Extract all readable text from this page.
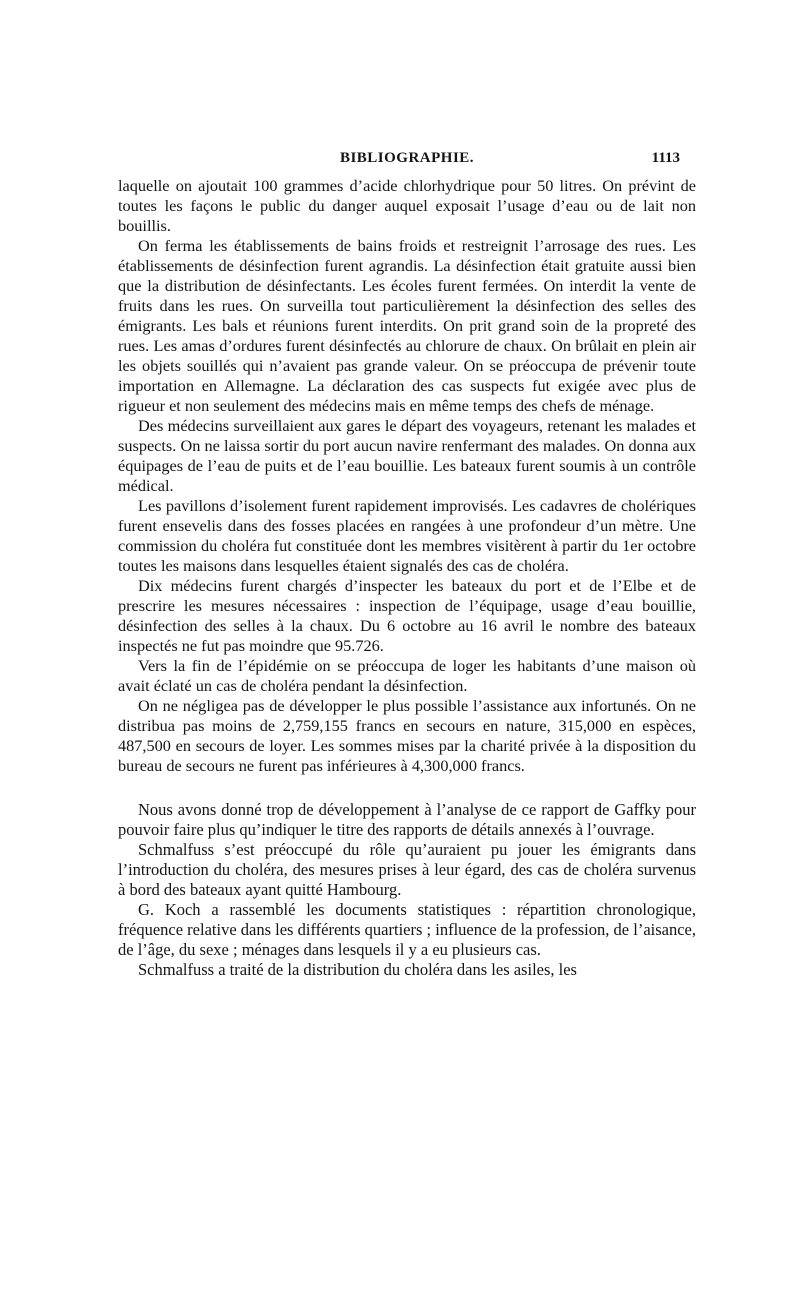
BIBLIOGRAPHIE.	1113

laquelle on ajoutait 100 grammes d’acide chlorhydrique pour 50 litres. On prévint de toutes les façons le public du danger auquel exposait l’usage d’eau ou de lait non bouillis.

On ferma les établissements de bains froids et restreignit l’arrosage des rues. Les établissements de désinfection furent agrandis. La désinfection était gratuite aussi bien que la distribution de désinfectants. Les écoles furent fermées. On interdit la vente de fruits dans les rues. On surveilla tout particulièrement la désinfection des selles des émigrants. Les bals et réunions furent interdits. On prit grand soin de la propreté des rues. Les amas d’ordures furent désinfectés au chlorure de chaux. On brûlait en plein air les objets souillés qui n’avaient pas grande valeur. On se préoccupa de prévenir toute importation en Allemagne. La déclaration des cas suspects fut exigée avec plus de rigueur et non seulement des médecins mais en même temps des chefs de ménage.

Des médecins surveillaient aux gares le départ des voyageurs, retenant les malades et suspects. On ne laissa sortir du port aucun navire renfermant des malades. On donna aux équipages de l’eau de puits et de l’eau bouillie. Les bateaux furent soumis à un contrôle médical.

Les pavillons d’isolement furent rapidement improvisés. Les cadavres de cholériques furent ensevelis dans des fosses placées en rangées à une profondeur d’un mètre. Une commission du choléra fut constituée dont les membres visitèrent à partir du 1er octobre toutes les maisons dans lesquelles étaient signalés des cas de choléra.

Dix médecins furent chargés d’inspecter les bateaux du port et de l’Elbe et de prescrire les mesures nécessaires : inspection de l’équipage, usage d’eau bouillie, désinfection des selles à la chaux. Du 6 octobre au 16 avril le nombre des bateaux inspectés ne fut pas moindre que 95.726.

Vers la fin de l’épidémie on se préoccupa de loger les habitants d’une maison où avait éclaté un cas de choléra pendant la désinfection.

On ne négligea pas de développer le plus possible l’assistance aux infortunés. On ne distribua pas moins de 2,759,155 francs en secours en nature, 315,000 en espèces, 487,500 en secours de loyer. Les sommes mises par la charité privée à la disposition du bureau de secours ne furent pas inférieures à 4,300,000 francs.

Nous avons donné trop de développement à l’analyse de ce rapport de Gaffky pour pouvoir faire plus qu’indiquer le titre des rapports de détails annexés à l’ouvrage.

Schmalfuss s’est préoccupé du rôle qu’auraient pu jouer les émigrants dans l’introduction du choléra, des mesures prises à leur égard, des cas de choléra survenus à bord des bateaux ayant quitté Hambourg.

G. Koch a rassemblé les documents statistiques : répartition chronologique, fréquence relative dans les différents quartiers ; influence de la profession, de l’aisance, de l’âge, du sexe ; ménages dans lesquels il y a eu plusieurs cas.

Schmalfuss a traité de la distribution du choléra dans les asiles, les
